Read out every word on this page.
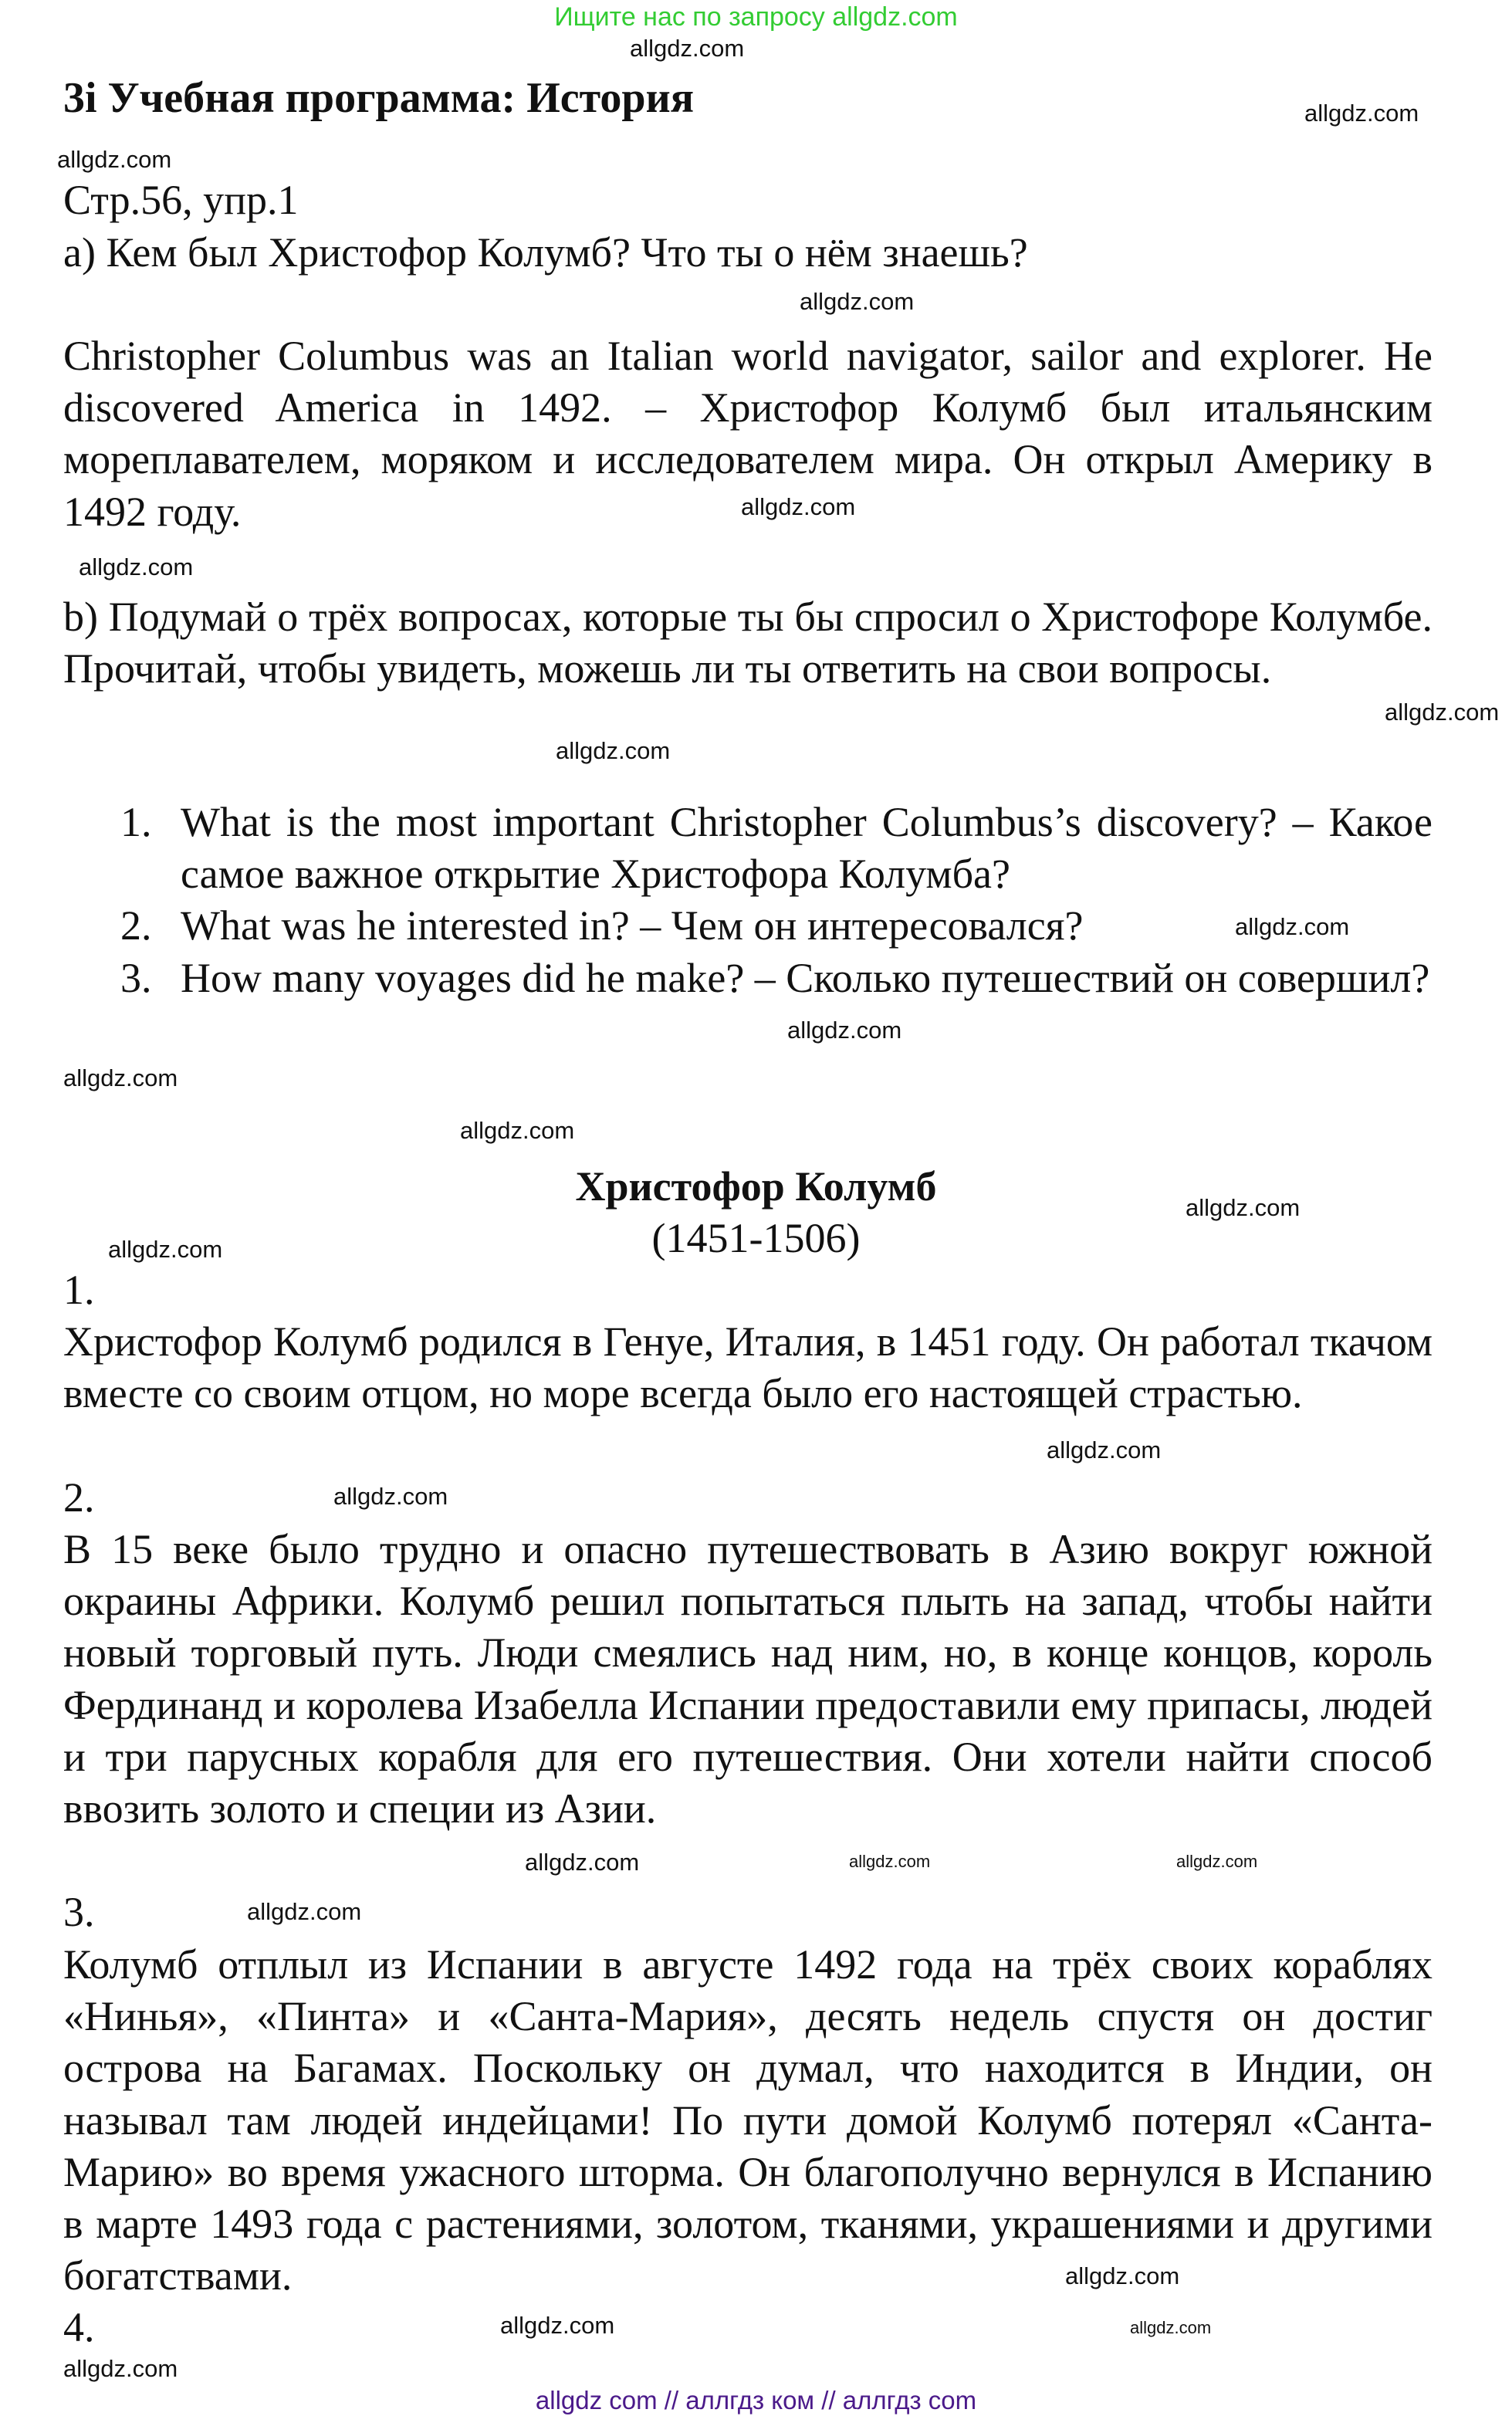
Ищите нас по запросу allgdz.com
3i Учебная программа: История
Стр.56, упр.1
а) Кем был Христофор Колумб? Что ты о нём знаешь?

Christopher Columbus was an Italian world navigator, sailor and explorer. He discovered America in 1492. – Христофор Колумб был итальянским мореплавателем, моряком и исследователем мира. Он открыл Америку в 1492 году.

b) Подумай о трёх вопросах, которые ты бы спросил о Христофоре Колумбе. Прочитай, чтобы увидеть, можешь ли ты ответить на свои вопросы.

1. What is the most important Christopher Columbus’s discovery? – Какое самое важное открытие Христофора Колумба?
2. What was he interested in? – Чем он интересовался?
3. How many voyages did he make? – Сколько путешествий он совершил?
Христофор Колумб
(1451-1506)
1.

Христофор Колумб родился в Генуе, Италия, в 1451 году. Он работал ткачом вместе со своим отцом, но море всегда было его настоящей страстью.

2.

В 15 веке было трудно и опасно путешествовать в Азию вокруг южной окраины Африки. Колумб решил попытаться плыть на запад, чтобы найти новый торговый путь. Люди смеялись над ним, но, в конце концов, король Фердинанд и королева Изабелла Испании предоставили ему припасы, людей и три парусных корабля для его путешествия. Они хотели найти способ ввозить золото и специи из Азии.

3.

Колумб отплыл из Испании в августе 1492 года на трёх своих кораблях «Нинья», «Пинта» и «Санта-Мария», десять недель спустя он достиг острова на Багамах. Поскольку он думал, что находится в Индии, он называл там людей индейцами! По пути домой Колумб потерял «Санта-Марию» во время ужасного шторма. Он благополучно вернулся в Испанию в марте 1493 года с растениями, золотом, тканями, украшениями и другими богатствами.

4.
allgdz.com
allgdz.com
allgdz.com
allgdz.com
allgdz.com
allgdz.com
allgdz.com
allgdz.com
allgdz.com
allgdz.com
allgdz.com
allgdz.com
allgdz.com
allgdz.com
allgdz.com
allgdz.com
allgdz.com
allgdz.com
allgdz.com
allgdz.com
allgdz.com
allgdz.com
allgdz.com
allgdz.com
allgdz com // аллгдз ком // аллгдз com
